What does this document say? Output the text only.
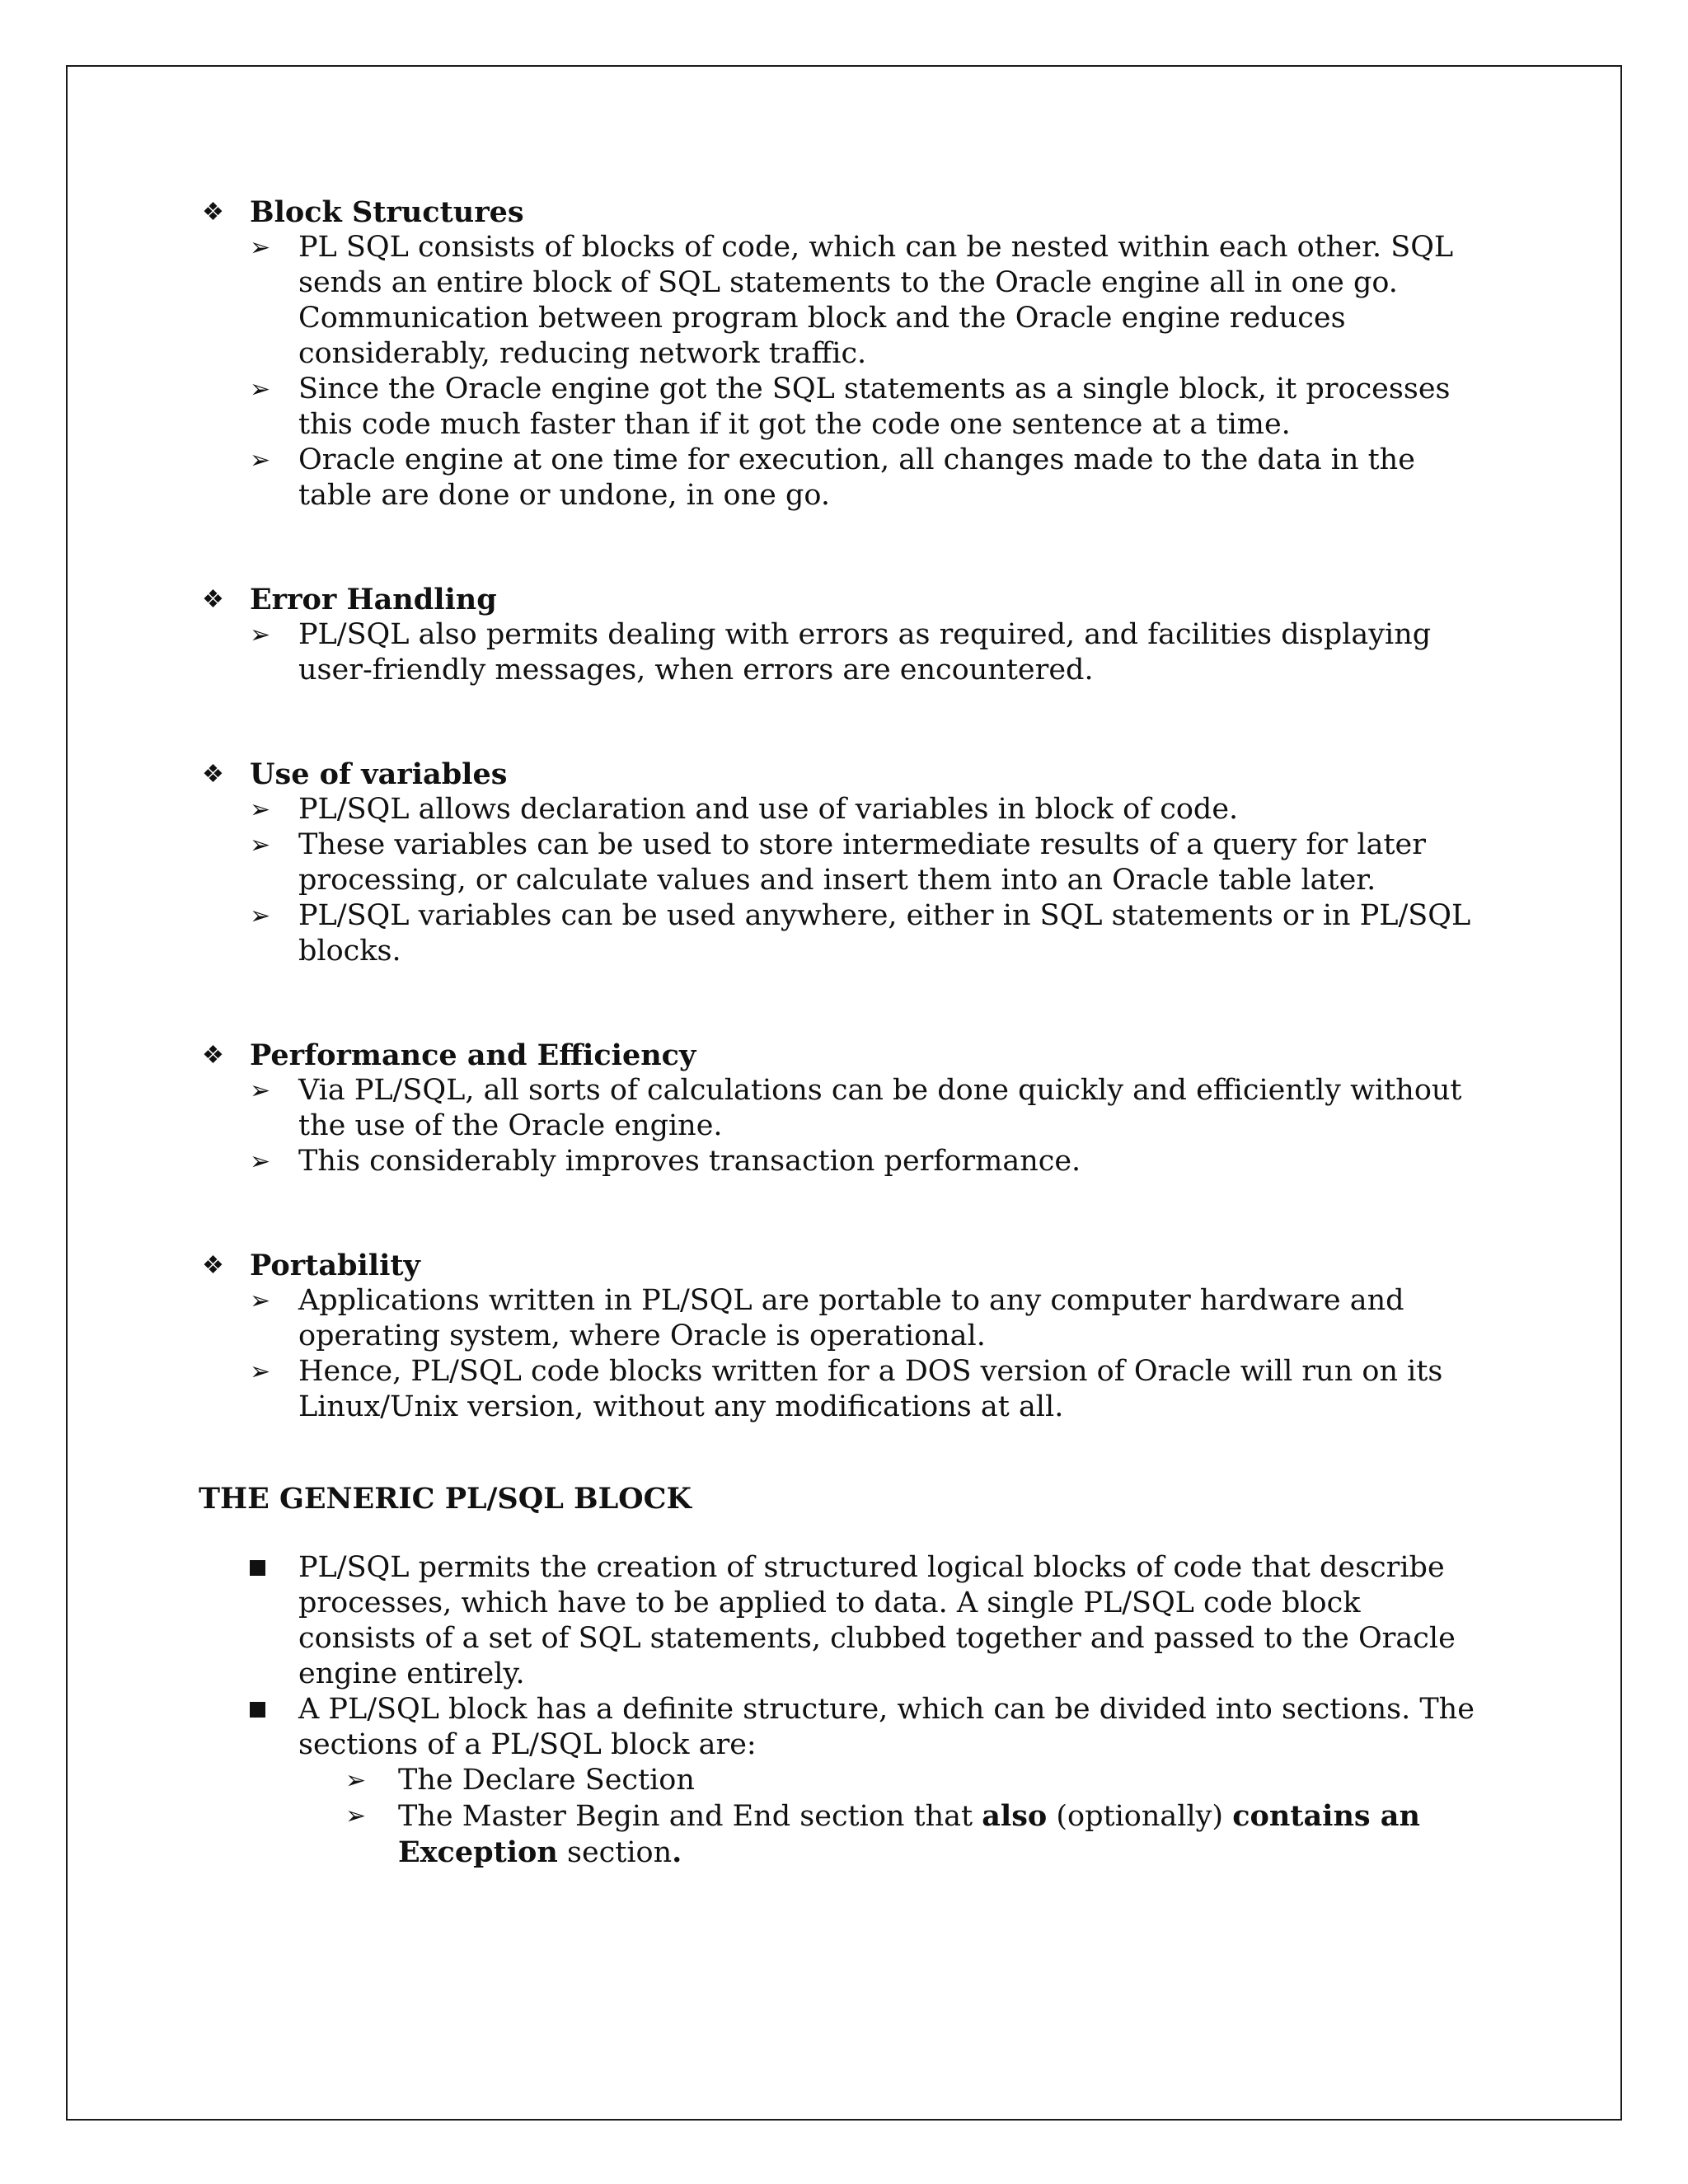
❖ Block Structures
➢ PL SQL consists of blocks of code, which can be nested within each other. SQL sends an entire block of SQL statements to the Oracle engine all in one go. Communication between program block and the Oracle engine reduces considerably, reducing network traffic.
➢ Since the Oracle engine got the SQL statements as a single block, it processes this code much faster than if it got the code one sentence at a time.
➢ Oracle engine at one time for execution, all changes made to the data in the table are done or undone, in one go.
❖ Error Handling
➢ PL/SQL also permits dealing with errors as required, and facilities displaying user-friendly messages, when errors are encountered.
❖ Use of variables
➢ PL/SQL allows declaration and use of variables in block of code.
➢ These variables can be used to store intermediate results of a query for later processing, or calculate values and insert them into an Oracle table later.
➢ PL/SQL variables can be used anywhere, either in SQL statements or in PL/SQL blocks.
❖ Performance and Efficiency
➢ Via PL/SQL, all sorts of calculations can be done quickly and efficiently without the use of the Oracle engine.
➢ This considerably improves transaction performance.
❖ Portability
➢ Applications written in PL/SQL are portable to any computer hardware and operating system, where Oracle is operational.
➢ Hence, PL/SQL code blocks written for a DOS version of Oracle will run on its Linux/Unix version, without any modifications at all.
THE GENERIC PL/SQL BLOCK
PL/SQL permits the creation of structured logical blocks of code that describe processes, which have to be applied to data. A single PL/SQL code block consists of a set of SQL statements, clubbed together and passed to the Oracle engine entirely.
A PL/SQL block has a definite structure, which can be divided into sections. The sections of a PL/SQL block are:
➢ The Declare Section
➢ The Master Begin and End section that also (optionally) contains an Exception section.
